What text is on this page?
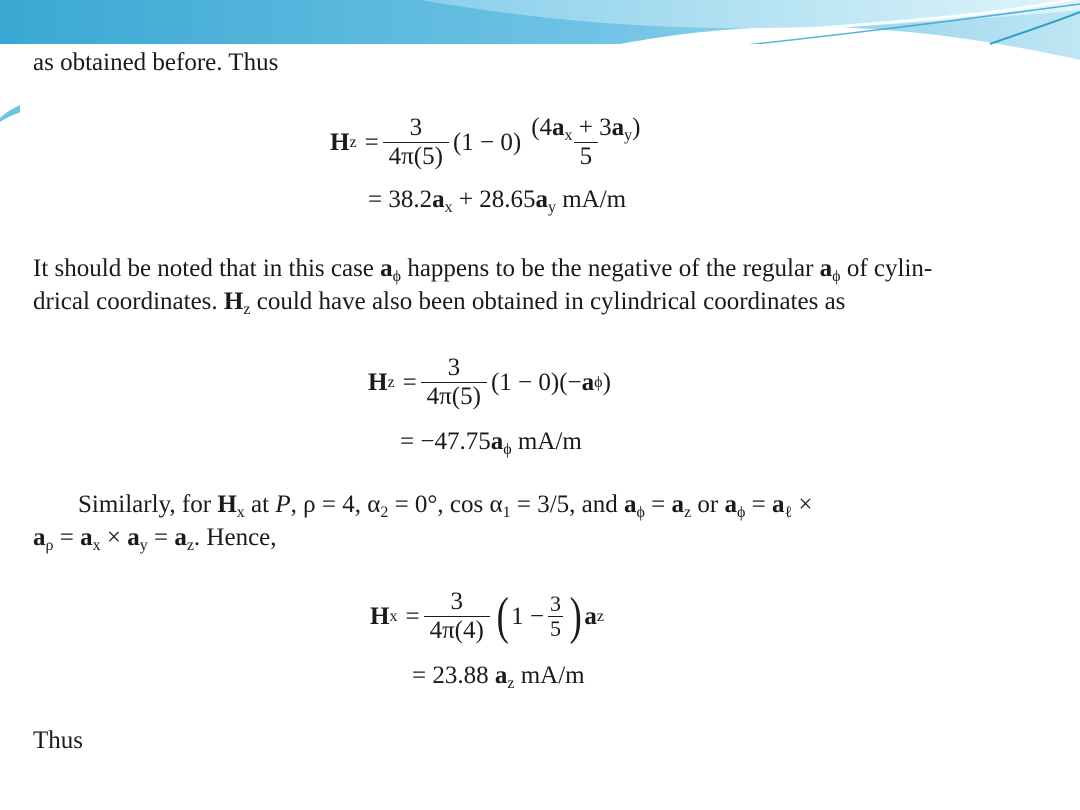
as obtained before. Thus
H $z = \frac{3}{4\pi(5)} (1 - 0) \frac{(4a_x + 3a_y)}{5}$
= $38.2a_x + 28.65a_y$ mA/m
It should be noted that in this case $a_\phi$ happens to be the negative of the regular $a_\phi$ of cylin-
drical coordinates. $H_z$ could have also been obtained in cylindrical coordinates as
H $z = \frac{3}{4\pi(5)} (1 - 0)(- a$ ϕ )
= $-47.75a_\phi$ mA/m
Similarly, for $H_x$ at P, ρ = 4, $\alpha_2 = 0^\circ$, $\cos \alpha_1 = 3/5$, and $a_\phi = a_z$ or $a_\phi = a_\ell$ ×
$a_\rho = a_x \times a_y = a_z$. Hence,
H $x = \frac{3}{4\pi(4)}$ ( $1 - \frac{3}{5}$ ) a z
= 23.88 $a_z$ mA/m
Thus
